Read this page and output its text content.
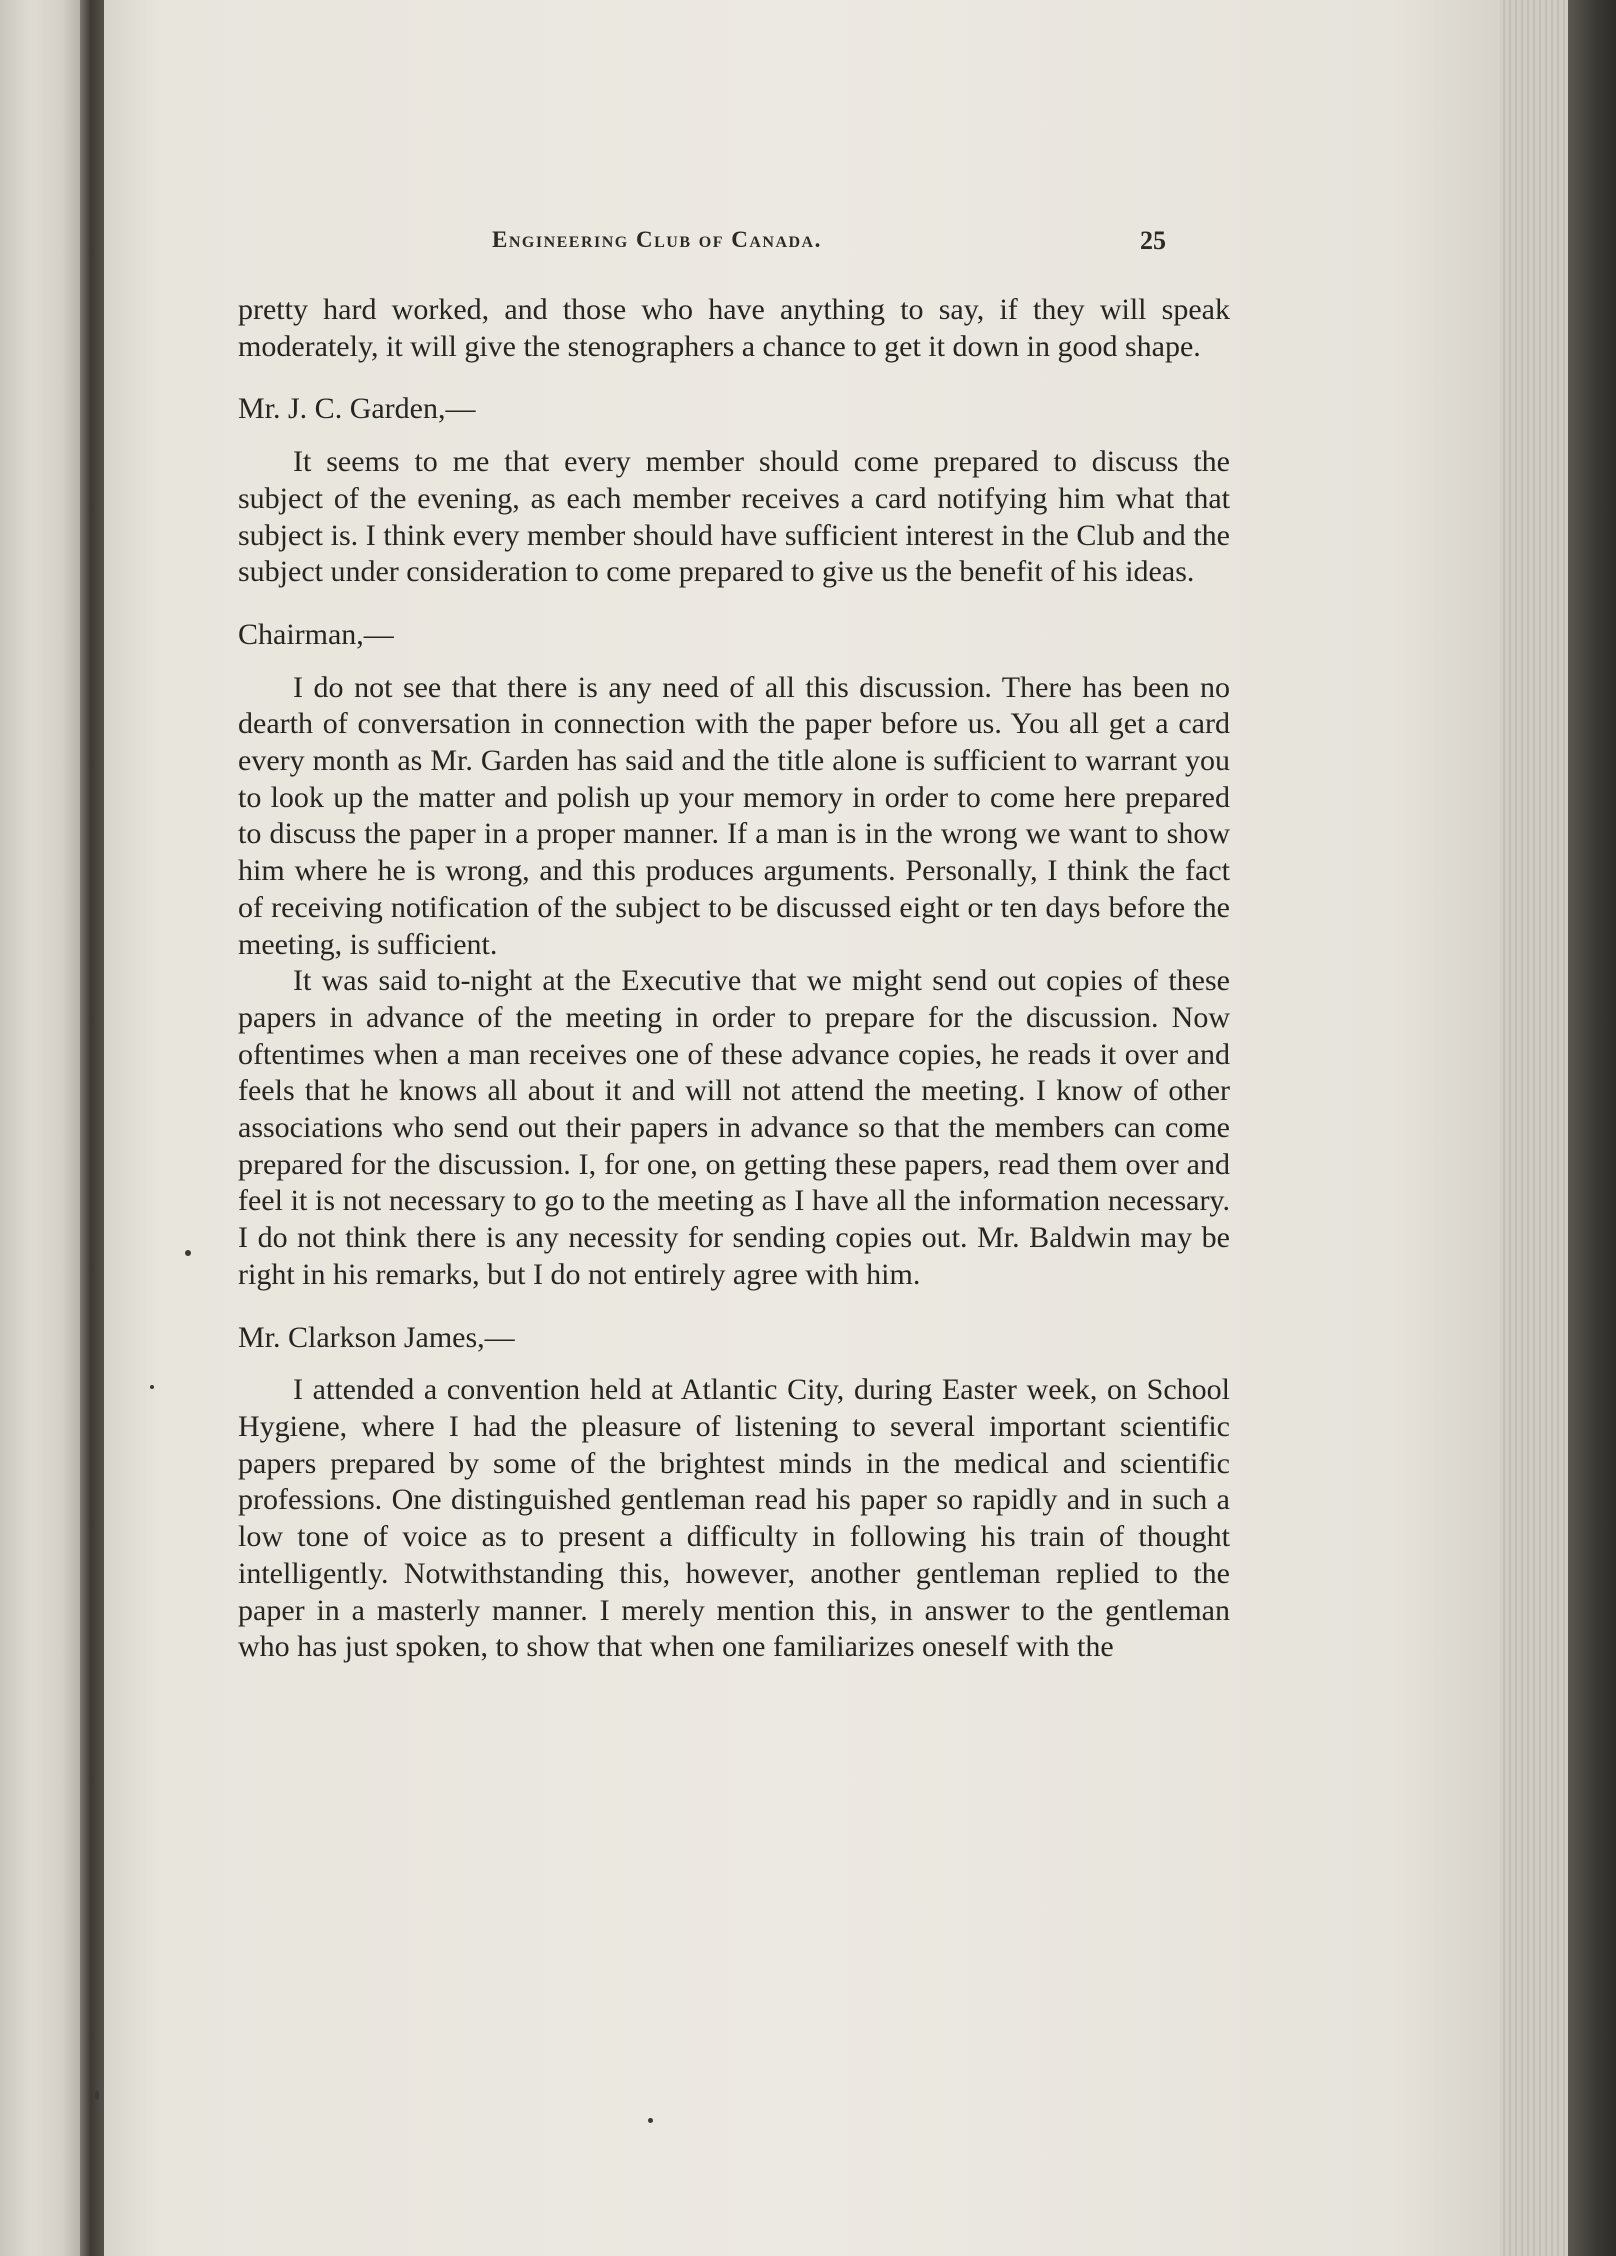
Engineering Club of Canada.	25

pretty hard worked, and those who have anything to say, if they will speak moderately, it will give the stenographers a chance to get it down in good shape.

Mr. J. C. Garden,—

It seems to me that every member should come prepared to discuss the subject of the evening, as each member receives a card notifying him what that subject is. I think every member should have sufficient interest in the Club and the subject under consideration to come prepared to give us the benefit of his ideas.

Chairman,—

I do not see that there is any need of all this discussion. There has been no dearth of conversation in connection with the paper before us. You all get a card every month as Mr. Garden has said and the title alone is sufficient to warrant you to look up the matter and polish up your memory in order to come here prepared to discuss the paper in a proper manner. If a man is in the wrong we want to show him where he is wrong, and this produces arguments. Personally, I think the fact of receiving notification of the subject to be discussed eight or ten days before the meeting, is sufficient.

It was said to-night at the Executive that we might send out copies of these papers in advance of the meeting in order to prepare for the discussion. Now oftentimes when a man receives one of these advance copies, he reads it over and feels that he knows all about it and will not attend the meeting. I know of other associations who send out their papers in advance so that the members can come prepared for the discussion. I, for one, on getting these papers, read them over and feel it is not necessary to go to the meeting as I have all the information necessary. I do not think there is any necessity for sending copies out. Mr. Baldwin may be right in his remarks, but I do not entirely agree with him.

Mr. Clarkson James,—

I attended a convention held at Atlantic City, during Easter week, on School Hygiene, where I had the pleasure of listening to several important scientific papers prepared by some of the brightest minds in the medical and scientific professions. One distinguished gentleman read his paper so rapidly and in such a low tone of voice as to present a difficulty in following his train of thought intelligently. Notwithstanding this, however, another gentleman replied to the paper in a masterly manner. I merely mention this, in answer to the gentleman who has just spoken, to show that when one familiarizes oneself with the
